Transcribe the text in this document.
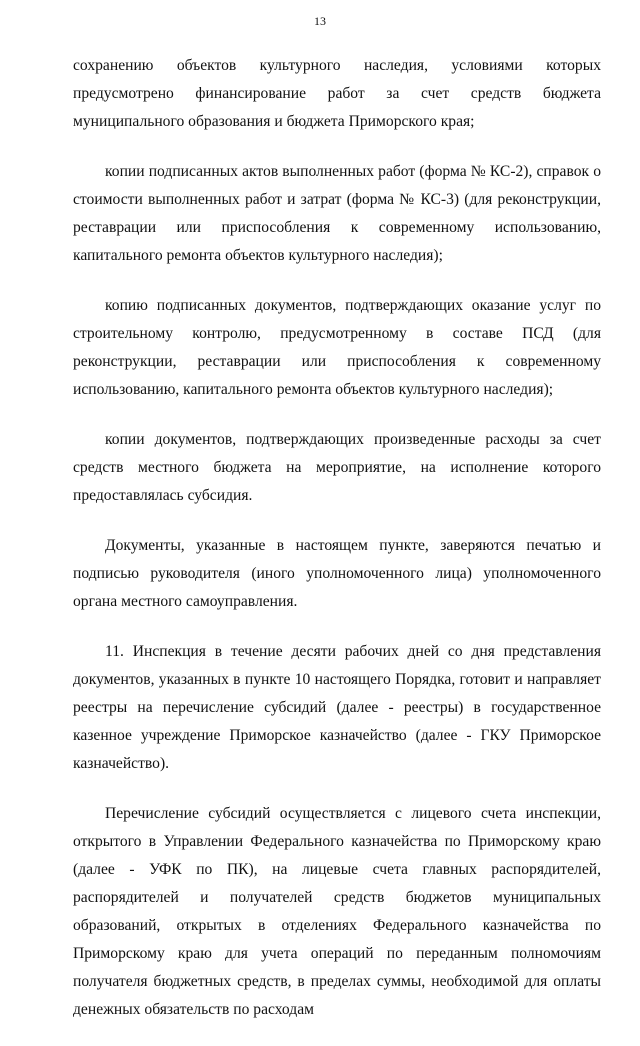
13

сохранению объектов культурного наследия, условиями которых предусмотрено финансирование работ за счет средств бюджета муниципального образования и бюджета Приморского края;

копии подписанных актов выполненных работ (форма № КС-2), справок о стоимости выполненных работ и затрат (форма № КС-3) (для реконструкции, реставрации или приспособления к современному использованию, капитального ремонта объектов культурного наследия);

копию подписанных документов, подтверждающих оказание услуг по строительному контролю, предусмотренному в составе ПСД (для реконструкции, реставрации или приспособления к современному использованию, капитального ремонта объектов культурного наследия);

копии документов, подтверждающих произведенные расходы за счет средств местного бюджета на мероприятие, на исполнение которого предоставлялась субсидия.

Документы, указанные в настоящем пункте, заверяются печатью и подписью руководителя (иного уполномоченного лица) уполномоченного органа местного самоуправления.

11. Инспекция в течение десяти рабочих дней со дня представления документов, указанных в пункте 10 настоящего Порядка, готовит и направляет реестры на перечисление субсидий (далее - реестры) в государственное казенное учреждение Приморское казначейство (далее - ГКУ Приморское казначейство).

Перечисление субсидий осуществляется с лицевого счета инспекции, открытого в Управлении Федерального казначейства по Приморскому краю (далее - УФК по ПК), на лицевые счета главных распорядителей, распорядителей и получателей средств бюджетов муниципальных образований, открытых в отделениях Федерального казначейства по Приморскому краю для учета операций по переданным полномочиям получателя бюджетных средств, в пределах суммы, необходимой для оплаты денежных обязательств по расходам
